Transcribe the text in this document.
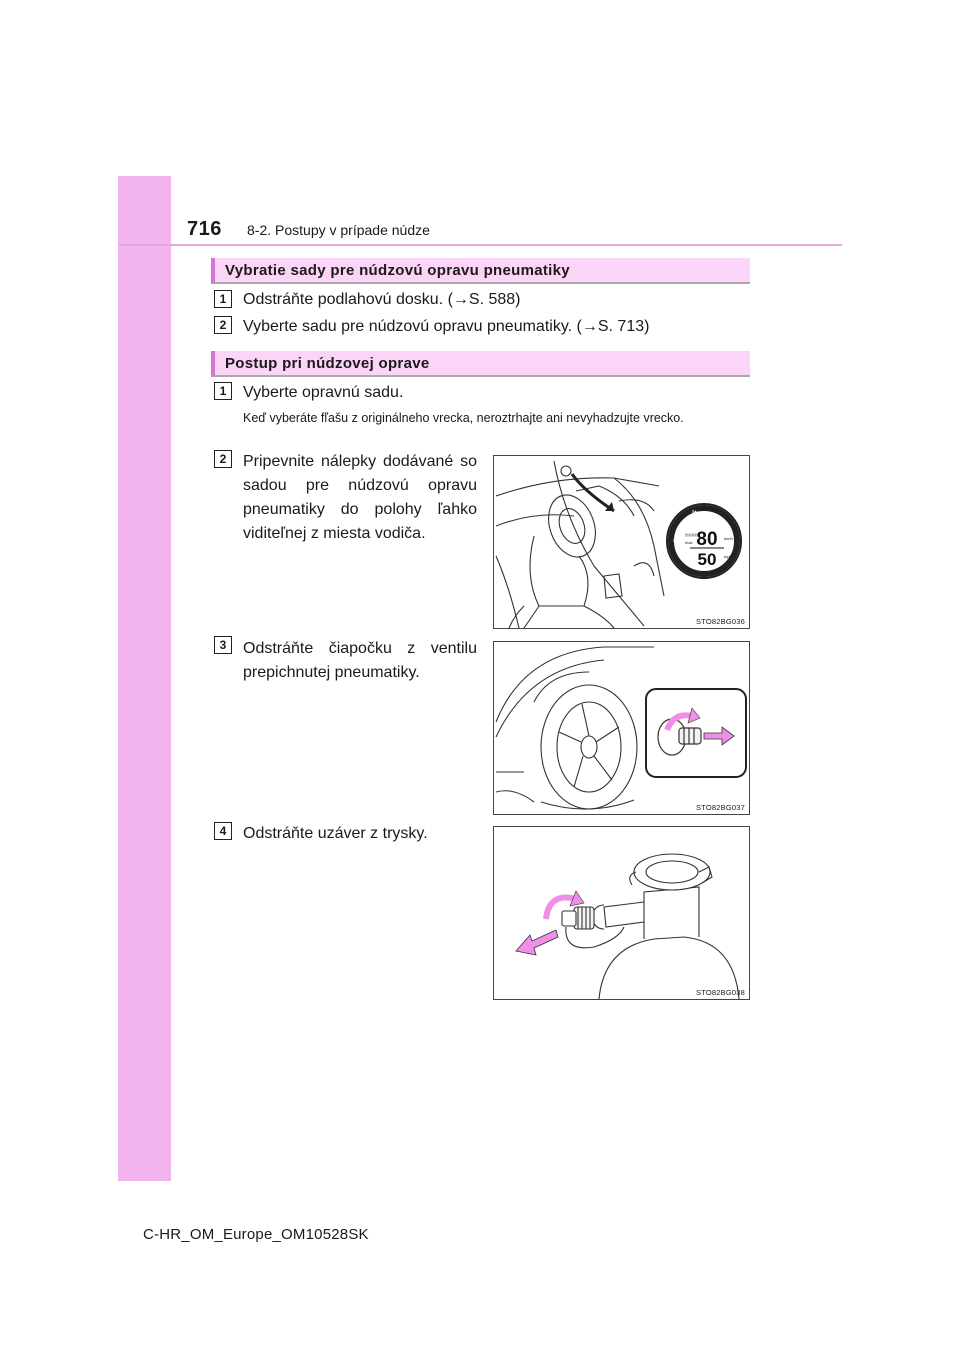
716 8-2. Postupy v prípade núdze
Vybratie sady pre núdzovú opravu pneumatiky
1	Odstráňte podlahovú dosku. (→S. 588)
2	Vyberte sadu pre núdzovú opravu pneumatiky. (→S. 713)
Postup pri núdzovej oprave
1	Vyberte opravnú sadu.
Keď vyberáte fľašu z originálneho vrecka, neroztrhajte ani nevyhadzujte vrecko.
2	Pripevnite nálepky dodávané so sadou pre núdzovú opravu pneumatiky do polohy ľahko viditeľnej z miesta vodiča.
WARNING
警告 80
50
km/h
mph
max.
最高速度
STO82BG036
3	Odstráňte čiapočku z ventilu prepichnutej pneumatiky.
STO82BG037
4	Odstráňte uzáver z trysky.
STO82BG038
C-HR_OM_Europe_OM10528SK
